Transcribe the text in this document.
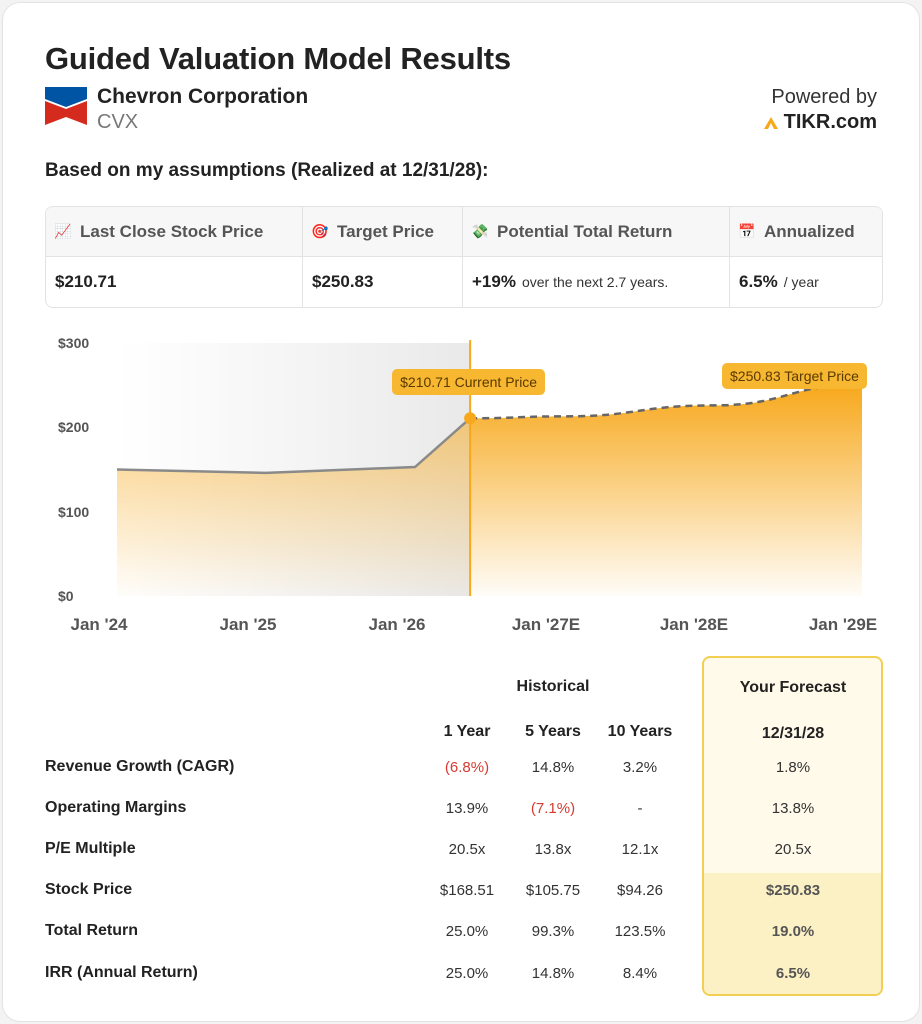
Guided Valuation Model Results
Chevron Corporation
CVX
Powered by
TIKR.com
Based on my assumptions (Realized at 12/31/28):
📈 Last Close Stock Price	🎯 Target Price	💸 Potential Total Return	📅 Annualized
$210.71	$250.83	+19% over the next 2.7 years.	6.5% / year
$0
$100
$200
$300
Jan '24	Jan '25	Jan '26	Jan '27E	Jan '28E	Jan '29E
$210.71 Current Price	$250.83 Target Price
Historical	Your Forecast
1 Year 5 Years 10 Years	12/31/28
Revenue Growth (CAGR)	(6.8%)	14.8%	3.2%	1.8%
Operating Margins	13.9%	(7.1%)	-	13.8%
P/E Multiple	20.5x	13.8x	12.1x	20.5x
Stock Price	$168.51 $105.75 $94.26	$250.83
Total Return	25.0%	99.3%	123.5%	19.0%
IRR (Annual Return)	25.0%	14.8%	8.4%	6.5%
